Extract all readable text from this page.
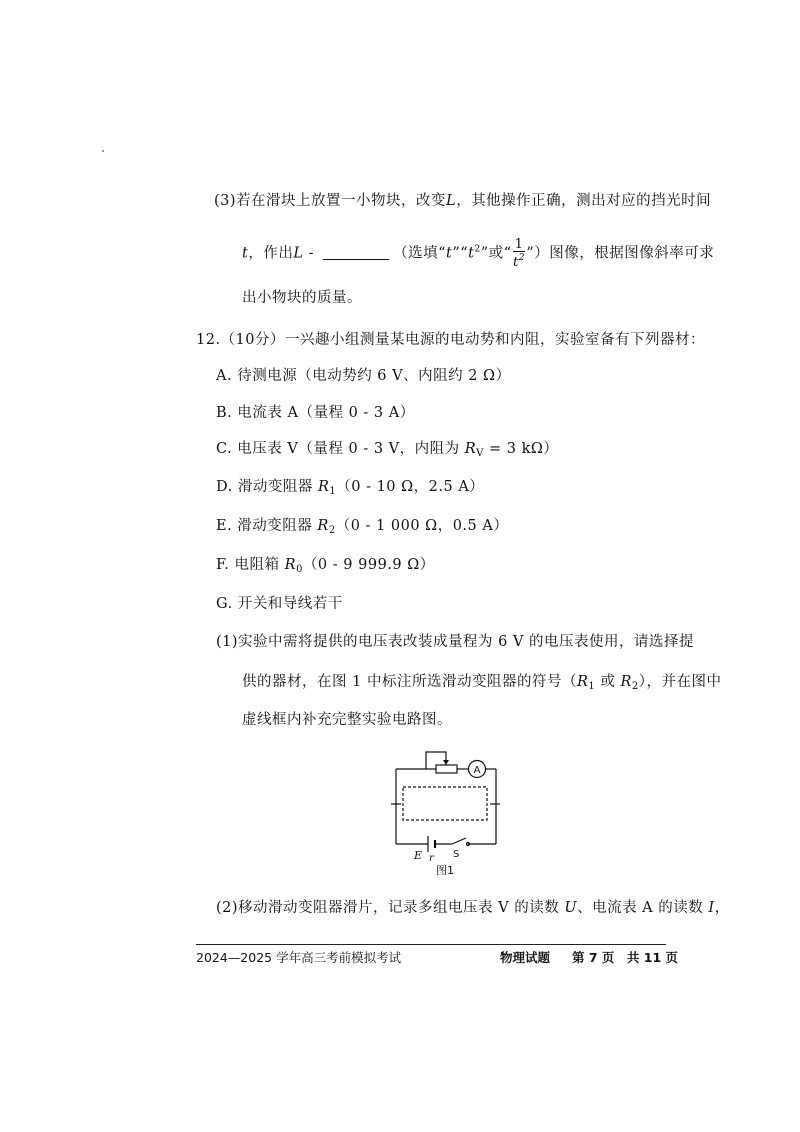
(3)若在滑块上放置一小物块，改变L，其他操作正确，测出对应的挡光时间
t，作出L -	（选填“$t”“t^2$”或“ $\frac{1}{t^2}$ ”）图像，根据图像斜率可求
出小物块的质量。
12.（10分）一兴趣小组测量某电源的电动势和内阻，实验室备有下列器材：
A. 待测电源（电动势约 6 V、内阻约 2 Ω）
B. 电流表 A（量程 0 - 3 A）
C. 电压表 V（量程 0 - 3 V，内阻为 $R_V = 3$ kΩ）
D. 滑动变阻器 $R_1(0 - 10$ Ω，2.5 A）
E. 滑动变阻器 $R_2(0 - 1$ 000 Ω，0.5 A）
F. 电阻箱 $R_0(0 - 9$ 999.9 Ω）
G. 开关和导线若干
(1)实验中需将提供的电压表改装成量程为 6 V 的电压表使用，请选择提
供的器材，在图 1 中标注所选滑动变阻器的符号（$R_1$ 或 $R_2$），并在图中
虚线框内补充完整实验电路图。
A
E r S
图1
(2)移动滑动变阻器滑片，记录多组电压表 V 的读数 U、电流表 A 的读数 I，
2024—2025 学年高三考前模拟考试	物理试题 第 7 页　共 11 页
